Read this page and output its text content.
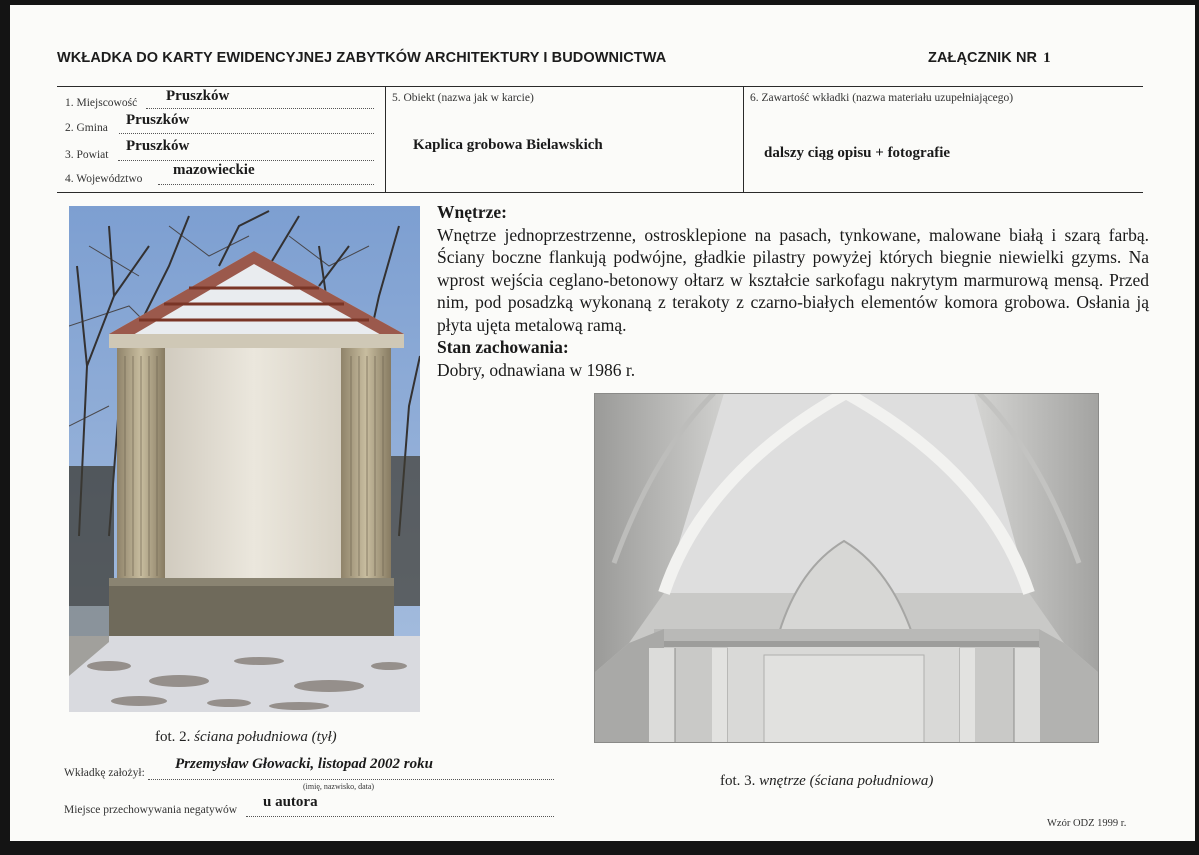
WKŁADKA DO KARTY EWIDENCYJNEJ ZABYTKÓW ARCHITEKTURY I BUDOWNICTWA	ZAŁĄCZNIK NR 1
1. Miejscowość Pruszków
2. Gmina Pruszków
3. Powiat
Pruszków
4. Województwo
mazowieckie
5. Obiekt (nazwa jak w karcie)
Kaplica grobowa Bielawskich
6. Zawartość wkładki (nazwa materiału uzupełniającego)
dalszy ciąg opisu + fotografie
Wnętrze:
Wnętrze jednoprzestrzenne, ostrosklepione na pasach, tynkowane, malowane białą i szarą farbą. Ściany boczne flankują podwójne, gładkie pilastry powyżej których biegnie niewielki gzyms. Na wprost wejścia ceglano-betonowy ołtarz w kształcie sarkofagu nakrytym marmurową mensą. Przed nim, pod posadzką wykonaną z terakoty z czarno-białych elementów komora grobowa. Osłania ją płyta ujęta metalową ramą.
Stan zachowania:
Dobry, odnawiana w 1986 r.
fot. 2. ściana południowa (tył)
fot. 3. wnętrze (ściana południowa)
Wkładkę założył:
Przemysław Głowacki, listopad 2002 roku
(imię, nazwisko, data)
Miejsce przechowywania negatywów u autora
Wzór ODZ 1999 r.
